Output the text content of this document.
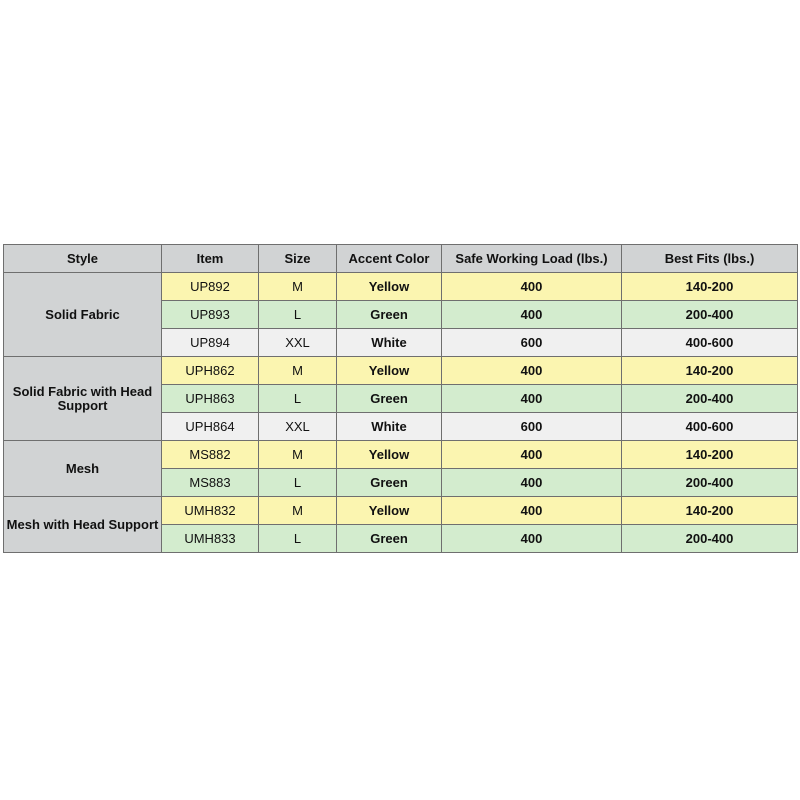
Style	Item	Size	Accent Color	Safe Working Load (lbs.)	Best Fits (lbs.)
Solid Fabric	UP892	M	Yellow	400	140-200
	UP893	L	Green	400	200-400
	UP894	XXL	White	600	400-600
Solid Fabric with Head Support	UPH862	M	Yellow	400	140-200
	UPH863	L	Green	400	200-400
	UPH864	XXL	White	600	400-600
Mesh	MS882	M	Yellow	400	140-200
	MS883	L	Green	400	200-400
Mesh with Head Support	UMH832	M	Yellow	400	140-200
	UMH833	L	Green	400	200-400
